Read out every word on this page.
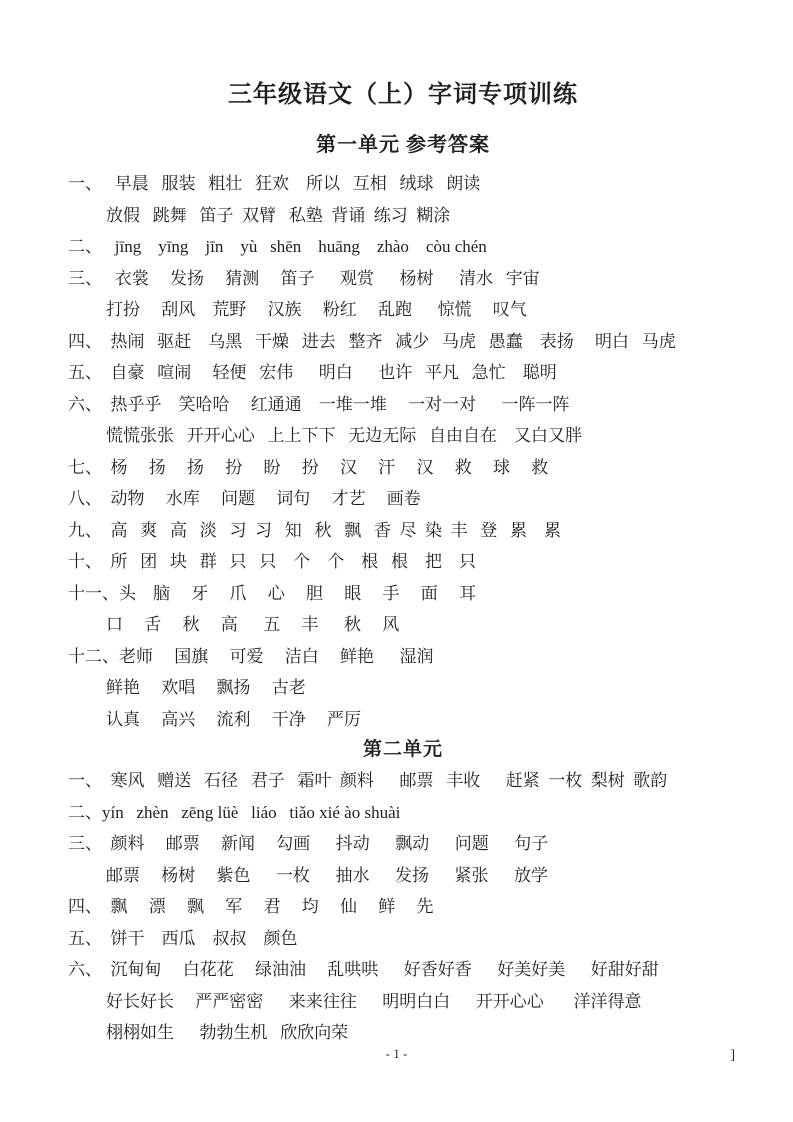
三年级语文（上）字词专项训练
第一单元 参考答案
一、   早晨   服装   粗壮   狂欢    所以   互相   绒球   朗读
放假   跳舞   笛子  双臂   私塾  背诵  练习  糊涂
二、   jīng    yīng    jīn    yù   shēn    huāng    zhào    còu chén
三、   衣裳     发扬     猜测     笛子      观赏      杨树      清水   宇宙
打扮     刮风    荒野     汉族     粉红     乱跑      惊慌     叹气
四、  热闹   驱赶    乌黑   干燥   进去   整齐   减少   马虎   愚蠢    表扬     明白   马虎
五、  自豪   喧闹     轻便   宏伟      明白      也许   平凡   急忙    聪明
六、  热乎乎    笑哈哈     红通通    一堆一堆     一对一对      一阵一阵
慌慌张张   开开心心   上上下下   无边无际   自由自在    又白又胖
七、  杨     扬     扬     扮     盼     扮     汉     汗     汉     救     球     救
八、  动物     水库     问题     词句     才艺     画卷
九、  高   爽   高   淡   习  习   知   秋   飘   香  尽  染  丰   登   累    累
十、  所   团   块   群   只   只    个    个    根   根    把    只
十一、头    脑     牙     爪     心     胆     眼     手     面     耳
口     舌     秋     高      五     丰      秋     风
十二、老师     国旗     可爱     洁白     鲜艳      湿润
鲜艳     欢唱     飘扬     古老
认真     高兴     流利     干净     严厉
第二单元
一、  寒风   赠送   石径   君子   霜叶  颜料      邮票   丰收      赶紧  一枚  梨树  歌韵
二、yín   zhèn   zēng lüè   liáo   tiǎo xié ào shuài
三、  颜料     邮票     新闻     勾画      抖动      飘动      问题      句子
邮票     杨树     紫色      一枚      抽水      发扬      紧张      放学
四、  飘     漂     飘     军     君     均     仙     鲜     先
五、  饼干    西瓜    叔叔    颜色
六、  沉甸甸     白花花     绿油油     乱哄哄      好香好香      好美好美      好甜好甜
好长好长     严严密密      来来往往      明明白白      开开心心       洋洋得意
栩栩如生      勃勃生机   欣欣向荣
- 1 -	]
